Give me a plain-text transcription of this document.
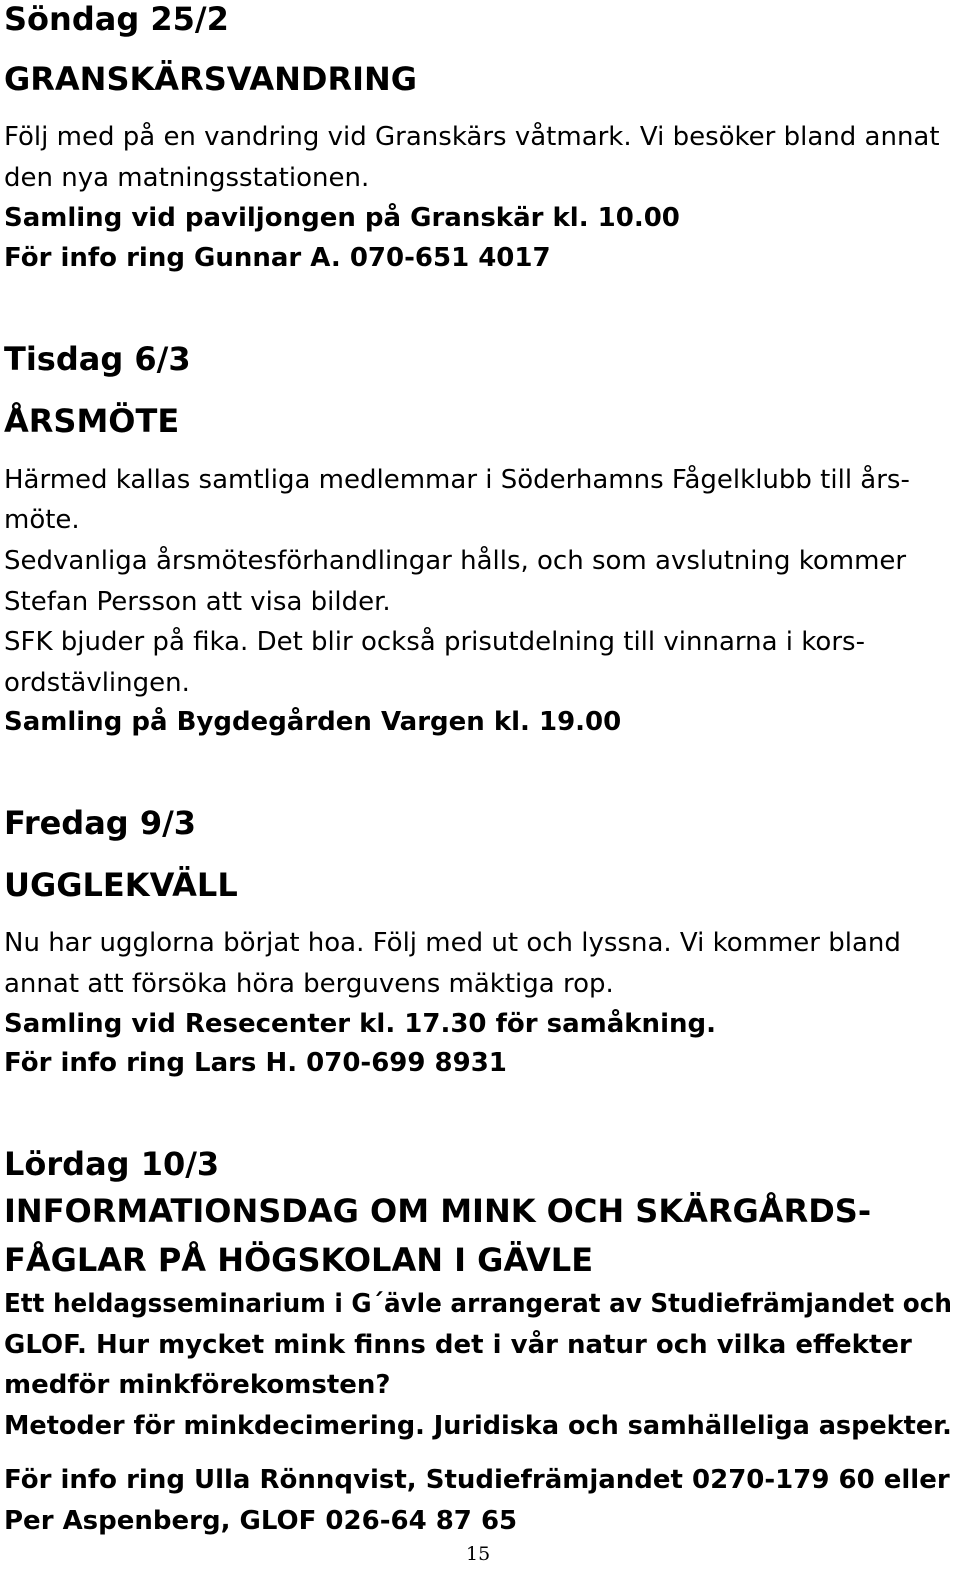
Söndag 25/2
GRANSKÄRSVANDRING
Följ med på en vandring vid Granskärs våtmark. Vi besöker bland annat
den nya matningsstationen.
Samling vid paviljongen på Granskär kl. 10.00
För info ring Gunnar A. 070-651 4017
Tisdag 6/3
ÅRSMÖTE
Härmed kallas samtliga medlemmar i Söderhamns Fågelklubb till års-
möte.
Sedvanliga årsmötesförhandlingar hålls, och som avslutning kommer
Stefan Persson att visa bilder.
SFK bjuder på fika. Det blir också prisutdelning till vinnarna i kors-
ordstävlingen.
Samling på Bygdegården Vargen kl. 19.00
Fredag 9/3
UGGLEKVÄLL
Nu har ugglorna börjat hoa. Följ med ut och lyssna. Vi kommer bland
annat att försöka höra berguvens mäktiga rop.
Samling vid Resecenter kl. 17.30 för samåkning.
För info ring Lars H. 070-699 8931
Lördag 10/3
INFORMATIONSDAG OM MINK OCH SKÄRGÅRDS-
FÅGLAR PÅ HÖGSKOLAN I GÄVLE
Ett heldagsseminarium i G´ävle arrangerat av Studiefrämjandet och
GLOF. Hur mycket mink finns det i vår natur och vilka effekter
medför minkförekomsten?
Metoder för minkdecimering. Juridiska och samhälleliga aspekter.
För info ring Ulla Rönnqvist, Studiefrämjandet 0270-179 60 eller
Per Aspenberg, GLOF 026-64 87 65
15
